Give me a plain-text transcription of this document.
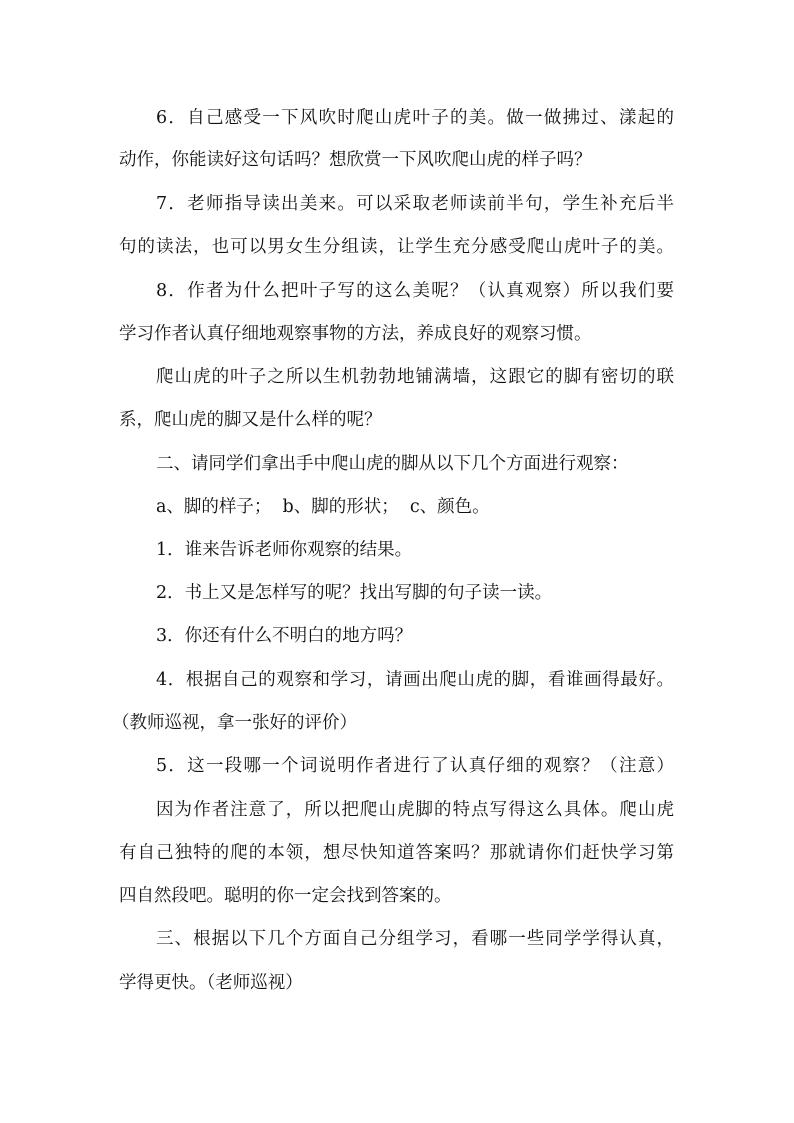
6．自己感受一下风吹时爬山虎叶子的美。做一做拂过、漾起的
动作，你能读好这句话吗？想欣赏一下风吹爬山虎的样子吗？
7．老师指导读出美来。可以采取老师读前半句，学生补充后半
句的读法，也可以男女生分组读，让学生充分感受爬山虎叶子的美。
8．作者为什么把叶子写的这么美呢？（认真观察）所以我们要
学习作者认真仔细地观察事物的方法，养成良好的观察习惯。
爬山虎的叶子之所以生机勃勃地铺满墙，这跟它的脚有密切的联
系，爬山虎的脚又是什么样的呢？
二、请同学们拿出手中爬山虎的脚从以下几个方面进行观察：
a、脚的样子；  b、脚的形状；  c、颜色。
1．谁来告诉老师你观察的结果。
2．书上又是怎样写的呢？找出写脚的句子读一读。
3．你还有什么不明白的地方吗？
4．根据自己的观察和学习，请画出爬山虎的脚，看谁画得最好。
（教师巡视，拿一张好的评价）
5．这一段哪一个词说明作者进行了认真仔细的观察？（注意）
因为作者注意了，所以把爬山虎脚的特点写得这么具体。爬山虎
有自己独特的爬的本领，想尽快知道答案吗？那就请你们赶快学习第
四自然段吧。聪明的你一定会找到答案的。
三、根据以下几个方面自己分组学习，看哪一些同学学得认真，
学得更快。（老师巡视）
